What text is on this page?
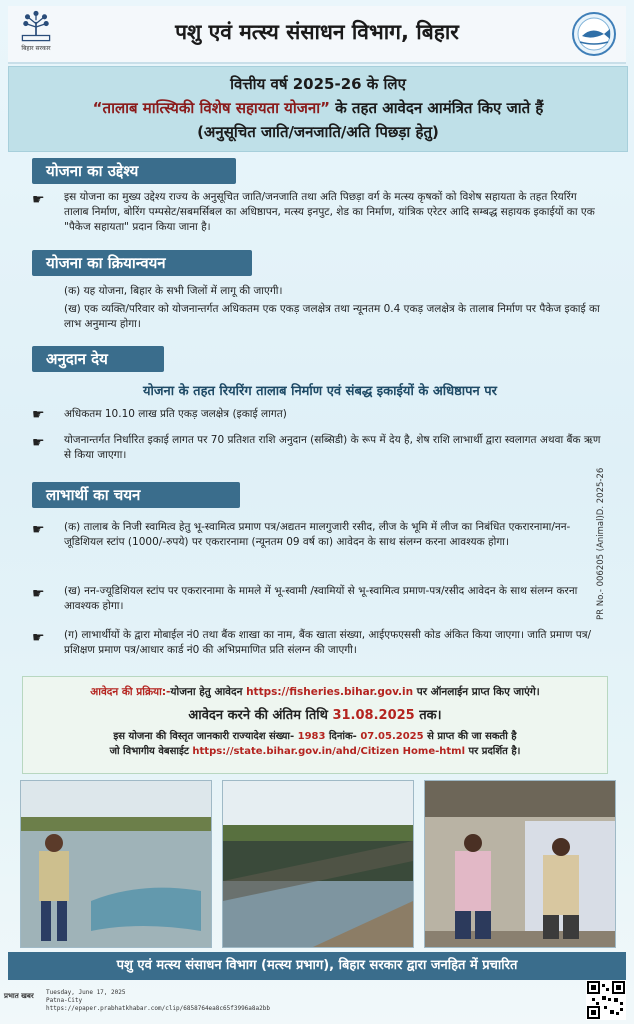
बिहार सरकार
पशु एवं मत्स्य संसाधन विभाग, बिहार
वित्तीय वर्ष 2025-26 के लिए
“तालाब मात्स्यिकी विशेष सहायता योजना” के तहत आवेदन आमंत्रित किए जाते हैं
(अनुसूचित जाति/जनजाति/अति पिछड़ा हेतु)
योजना का उद्देश्य
☛	इस योजना का मुख्य उद्देश्य राज्य के अनुसूचित जाति/जनजाति तथा अति पिछड़ा वर्ग के मत्स्य कृषकों को विशेष सहायता के तहत रियरिंग तालाब निर्माण, बोरिंग पम्पसेट/सबमर्सिबल का अधिष्ठापन, मत्स्य इनपुट, शेड का निर्माण, यांत्रिक एरेटर आदि सम्बद्ध सहायक इकाईयों का एक "पैकेज सहायता" प्रदान किया जाना है।
योजना का क्रियान्वयन
(क) यह योजना, बिहार के सभी जिलों में लागू की जाएगी।
(ख) एक व्यक्ति/परिवार को योजनान्तर्गत अधिकतम एक एकड़ जलक्षेत्र तथा न्यूनतम 0.4 एकड़ जलक्षेत्र के तालाब निर्माण पर पैकेज इकाई का लाभ अनुमान्य होगा।
अनुदान देय
योजना के तहत रियरिंग तालाब निर्माण एवं संबद्ध इकाईयों के अधिष्ठापन पर
☛	अधिकतम 10.10 लाख प्रति एकड़ जलक्षेत्र (इकाई लागत)
☛	योजनान्तर्गत निर्धारित इकाई लागत पर 70 प्रतिशत राशि अनुदान (सब्सिडी) के रूप में देय है, शेष राशि लाभार्थी द्वारा स्वलागत अथवा बैंक ऋण से किया जाएगा।
लाभार्थी का चयन
☛	(क) तालाब के निजी स्वामित्व हेतु भू-स्वामित्व प्रमाण पत्र/अद्यतन मालगुजारी रसीद, लीज के भूमि में लीज का निबंधित एकरारनामा/नन-जूडिशियल स्टांप (1000/-रुपये) पर एकरारनामा (न्यूनतम 09 वर्ष का) आवेदन के साथ संलग्न करना आवश्यक होगा।
☛	(ख) नन-ज्यूडिशियल स्टांप पर एकरारनामा के मामले में भू-स्वामी /स्वामियों से भू-स्वामित्व प्रमाण-पत्र/रसीद आवेदन के साथ संलग्न करना आवश्यक होगा।
☛	(ग) लाभार्थीयों के द्वारा मोबाईल नं0 तथा बैंक शाखा का नाम, बैंक खाता संख्या, आईएफएससी कोड अंकित किया जाएगा। जाति प्रमाण पत्र/प्रशिक्षण प्रमाण पत्र/आधार कार्ड नं0 की अभिप्रमाणित प्रति संलग्न की जाएगी।
आवेदन की प्रक्रिया:-योजना हेतु आवेदन https://fisheries.bihar.gov.in पर ऑनलाईन प्राप्त किए जाएंगे।
आवेदन करने की अंतिम तिथि 31.08.2025 तक।
इस योजना की विस्तृत जानकारी राज्यादेश संख्या- 1983 दिनांक- 07.05.2025 से प्राप्त की जा सकती है
जो विभागीय वेबसाईट https://state.bihar.gov.in/ahd/Citizen Home-html पर प्रदर्शित है।
PR No.- 006205 (Animal)D. 2025-26
पशु एवं मत्स्य संसाधन विभाग (मत्स्य प्रभाग), बिहार सरकार द्वारा जनहित में प्रचारित
प्रभात खबर Tuesday, June 17, 2025
Patna-City
https://epaper.prabhatkhabar.com/clip/6858764ea8c65f3996a8a2bb
